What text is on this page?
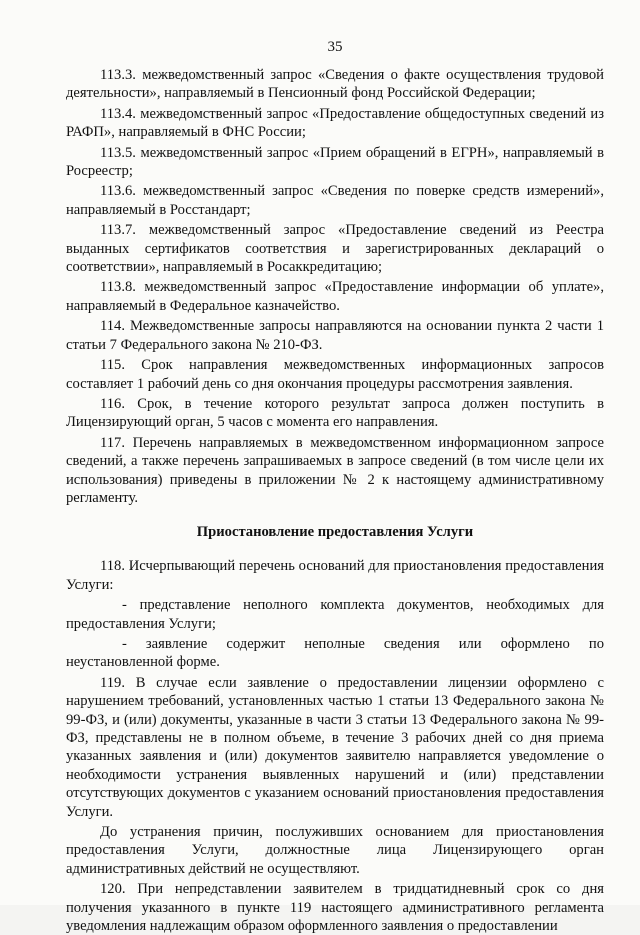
35

113.3. межведомственный запрос «Сведения о факте осуществления трудовой деятельности», направляемый в Пенсионный фонд Российской Федерации;

113.4. межведомственный запрос «Предоставление общедоступных сведений из РАФП», направляемый в ФНС России;

113.5. межведомственный запрос «Прием обращений в ЕГРН», направляемый в Росреестр;

113.6. межведомственный запрос «Сведения по поверке средств измерений», направляемый в Росстандарт;

113.7. межведомственный запрос «Предоставление сведений из Реестра выданных сертификатов соответствия и зарегистрированных деклараций о соответствии», направляемый в Росаккредитацию;

113.8. межведомственный запрос «Предоставление информации об уплате», направляемый в Федеральное казначейство.

114. Межведомственные запросы направляются на основании пункта 2 части 1 статьи 7 Федерального закона № 210-ФЗ.

115. Срок направления межведомственных информационных запросов составляет 1 рабочий день со дня окончания процедуры рассмотрения заявления.

116. Срок, в течение которого результат запроса должен поступить в Лицензирующий орган, 5 часов с момента его направления.

117. Перечень направляемых в межведомственном информационном запросе сведений, а также перечень запрашиваемых в запросе сведений (в том числе цели их использования) приведены в приложении № 2 к настоящему административному регламенту.

Приостановление предоставления Услуги

118. Исчерпывающий перечень оснований для приостановления предоставления Услуги:

- представление неполного комплекта документов, необходимых для предоставления Услуги;

- заявление содержит неполные сведения или оформлено по неустановленной форме.

119. В случае если заявление о предоставлении лицензии оформлено с нарушением требований, установленных частью 1 статьи 13 Федерального закона № 99-ФЗ, и (или) документы, указанные в части 3 статьи 13 Федерального закона № 99-ФЗ, представлены не в полном объеме, в течение 3 рабочих дней со дня приема указанных заявления и (или) документов заявителю направляется уведомление о необходимости устранения выявленных нарушений и (или) представлении отсутствующих документов с указанием оснований приостановления предоставления Услуги.

До устранения причин, послуживших основанием для приостановления предоставления Услуги, должностные лица Лицензирующего орган административных действий не осуществляют.

120. При непредставлении заявителем в тридцатидневный срок со дня получения указанного в пункте 119 настоящего административного регламента уведомления надлежащим образом оформленного заявления о предоставлении
